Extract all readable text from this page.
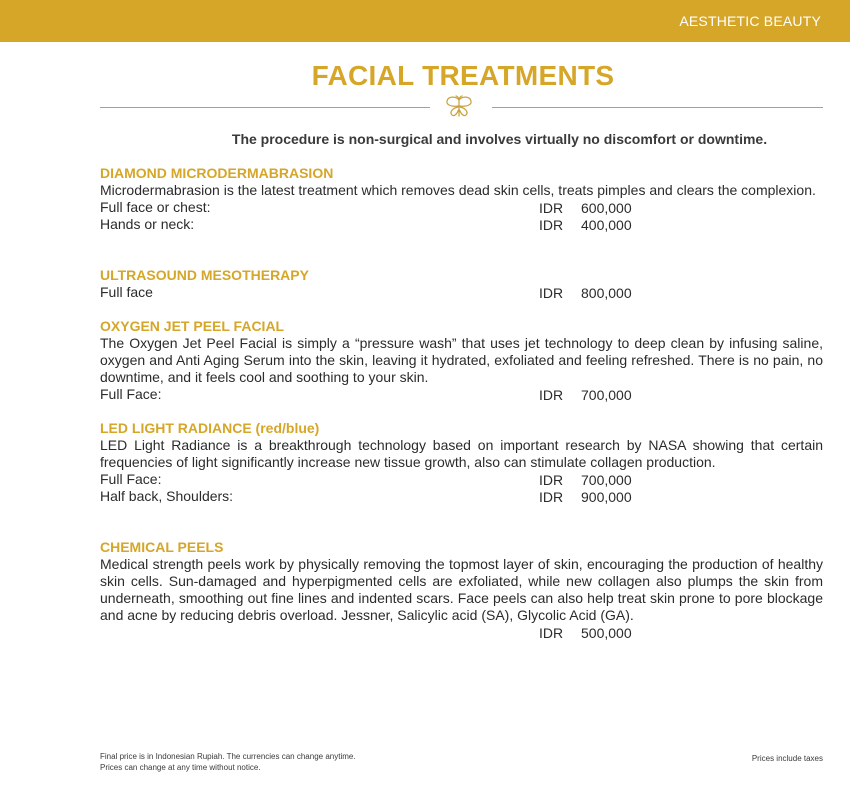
AESTHETIC BEAUTY
FACIAL TREATMENTS

The procedure is non-surgical and involves virtually no discomfort or downtime.

DIAMOND MICRODERMABRASION
Microdermabrasion is the latest treatment which removes dead skin cells, treats pimples and clears the complexion.
Full face or chest:	IDR 600,000
Hands or neck:	IDR 400,000
ULTRASOUND MESOTHERAPY
Full face	IDR 800,000
OXYGEN JET PEEL FACIAL
The Oxygen Jet Peel Facial is simply a “pressure wash” that uses jet technology to deep clean by infusing saline, oxygen and Anti Aging Serum into the skin, leaving it hydrated, exfoliated and feeling refreshed. There is no pain, no downtime, and it feels cool and soothing to your skin.
Full Face:	IDR 700,000
LED LIGHT RADIANCE (red/blue)
LED Light Radiance is a breakthrough technology based on important research by NASA showing that certain frequencies of light significantly increase new tissue growth, also can stimulate collagen production.
Full Face:	IDR 700,000
Half back, Shoulders:	IDR 900,000
CHEMICAL PEELS
Medical strength peels work by physically removing the topmost layer of skin, encouraging the production of healthy skin cells. Sun-damaged and hyperpigmented cells are exfoliated, while new collagen also plumps the skin from underneath, smoothing out fine lines and indented scars. Face peels can also help treat skin prone to pore blockage and acne by reducing debris overload. Jessner, Salicylic acid (SA), Glycolic Acid (GA).
IDR 500,000
Final price is in Indonesian Rupiah. The currencies can change anytime.
Prices can change at any time without notice.
Prices include taxes
